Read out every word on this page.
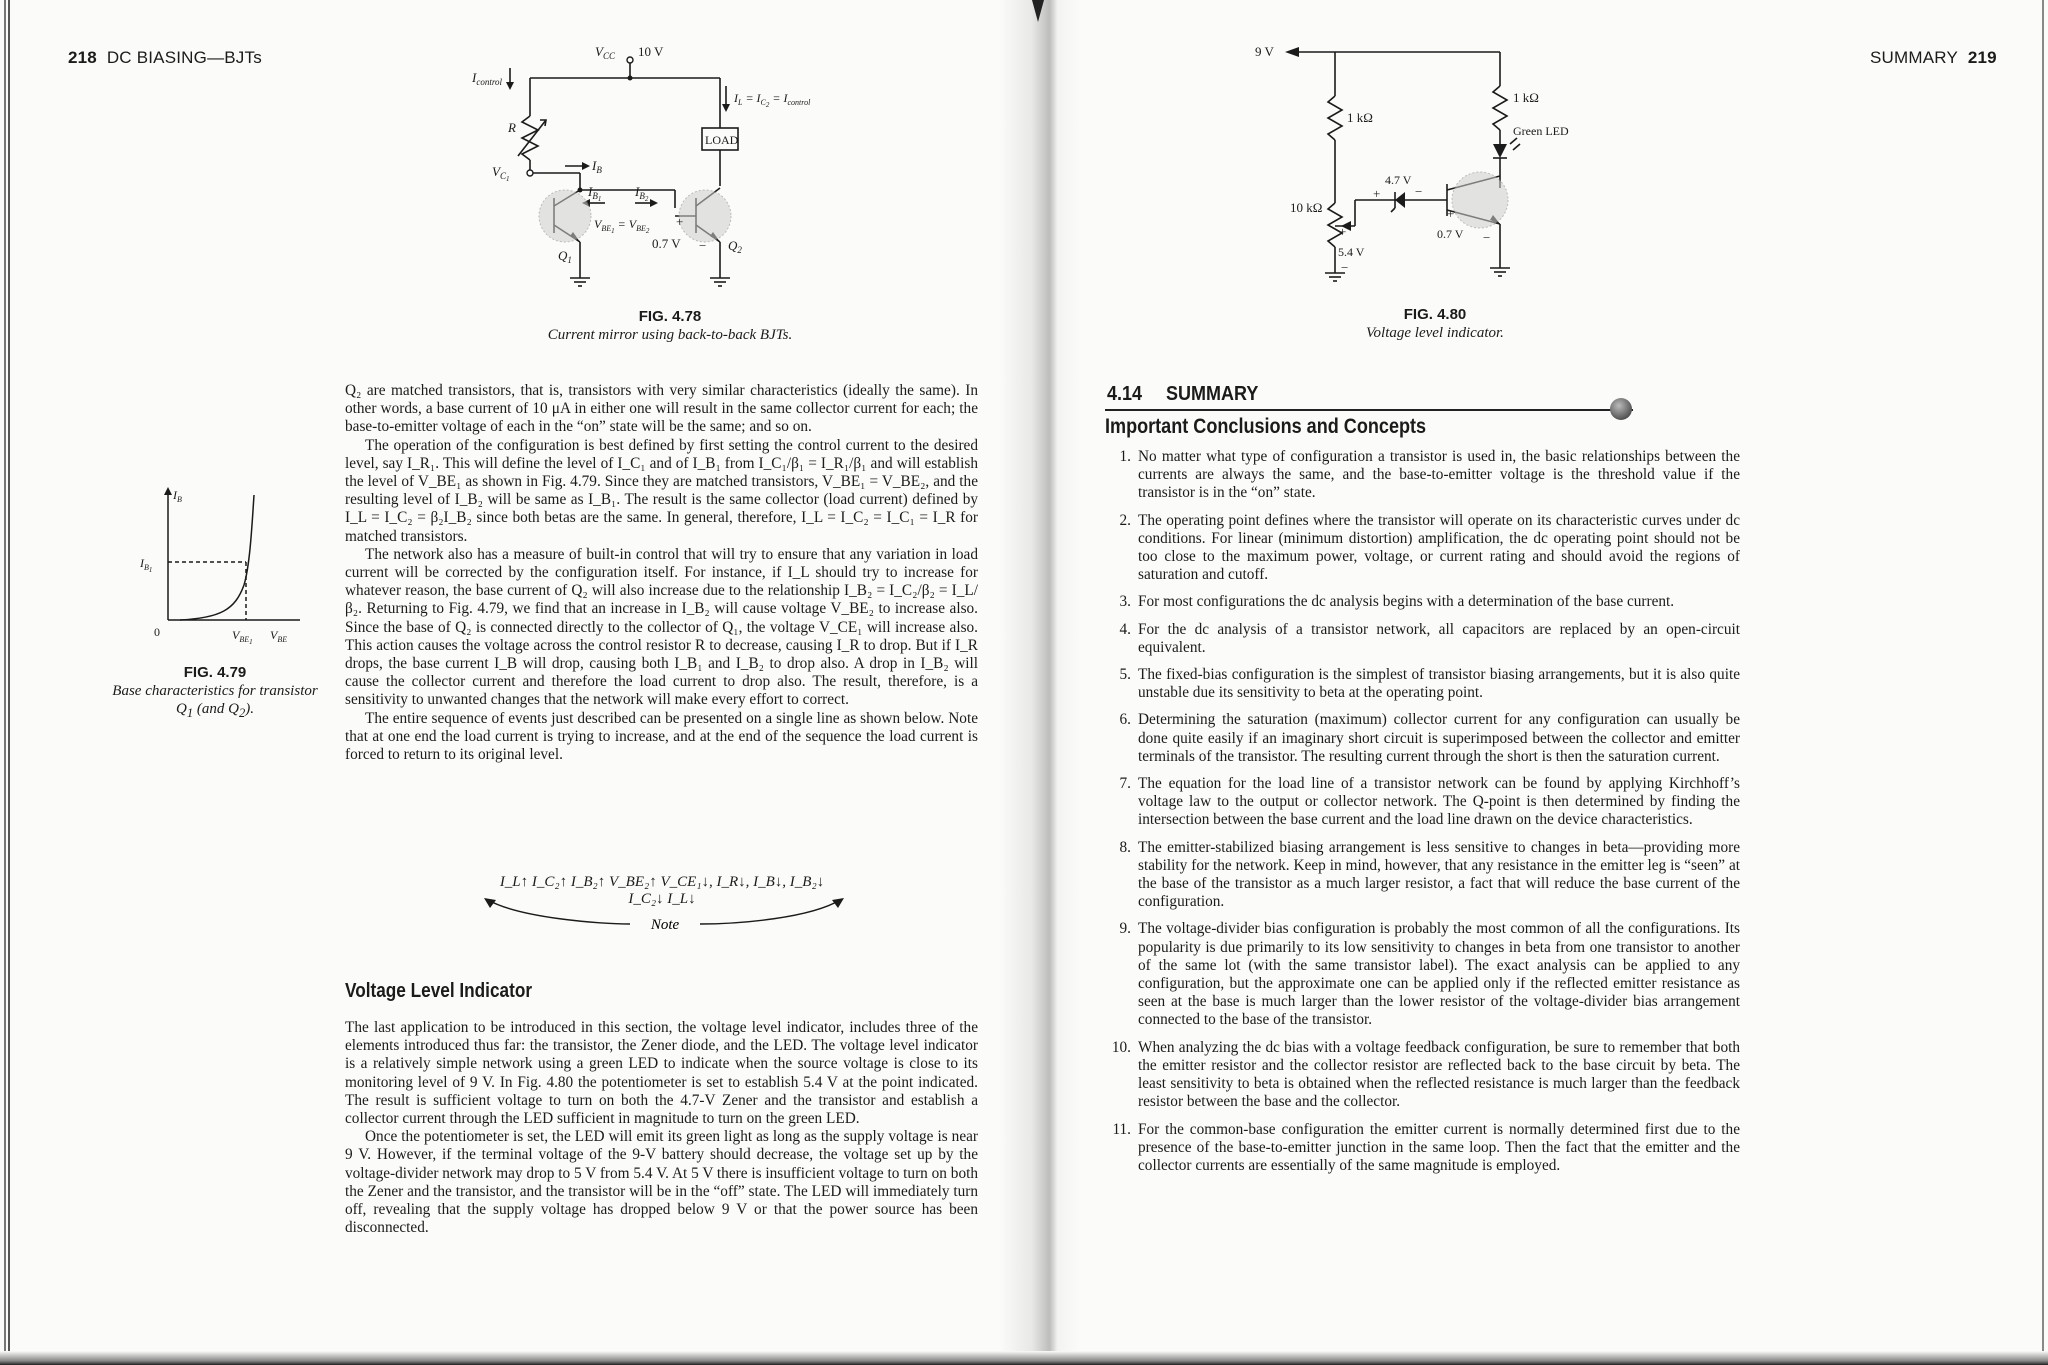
218 DC BIASING—BJTs	$V_{CC}$ 10 V
$I_{control}$
R
$V_C1$
$I_B$
$I_B1$	$I_B2$
$V_{BE}1 = V_{BE}2$
+
0.7 V −
$Q_1$
$Q_2$
LOAD
$I_L = I_C2 = I_{control}$
FIG. 4.78
Current mirror using back-to-back BJTs.
$I_B$
$I_B1$
0	$V_{BE}1$ $V_{BE}$
FIG. 4.79
Base characteristics for transistor
$Q_1$ (and $Q_2$).

Q₂ are matched transistors, that is, transistors with very similar characteristics (ideally the same). In other words, a base current of 10 μA in either one will result in the same collector current for each; the base-to-emitter voltage of each in the “on” state will be the same; and so on.

The operation of the configuration is best defined by first setting the control current to the desired level, say I_R₁. This will define the level of I_C₁ and of I_B₁ from I_C₁/β₁ = I_R₁/β₁ and will establish the level of V_BE₁ as shown in Fig. 4.79. Since they are matched transistors, V_BE₁ = V_BE₂, and the resulting level of I_B₂ will be same as I_B₁. The result is the same collector (load current) defined by I_L = I_C₂ = β₂I_B₂ since both betas are the same. In general, therefore, I_L = I_C₂ = I_C₁ = I_R for matched transistors.

The network also has a measure of built-in control that will try to ensure that any variation in load current will be corrected by the configuration itself. For instance, if I_L should try to increase for whatever reason, the base current of Q₂ will also increase due to the relationship I_B₂ = I_C₂/β₂ = I_L/β₂. Returning to Fig. 4.79, we find that an increase in I_B₂ will cause voltage V_BE₂ to increase also. Since the base of Q₂ is connected directly to the collector of Q₁, the voltage V_CE₁ will increase also. This action causes the voltage across the control resistor R to decrease, causing I_R to drop. But if I_R drops, the base current I_B will drop, causing both I_B₁ and I_B₂ to drop also. A drop in I_B₂ will cause the collector current and therefore the load current to drop also. The result, therefore, is a sensitivity to unwanted changes that the network will make every effort to correct.

The entire sequence of events just described can be presented on a single line as shown below. Note that at one end the load current is trying to increase, and at the end of the sequence the load current is forced to return to its original level.

I_L↑ I_C₂↑ I_B₂↑ V_BE₂↑ V_CE₁↓, I_R↓, I_B↓, I_B₂↓ I_C₂↓ I_L↓
Note
Voltage Level Indicator

The last application to be introduced in this section, the voltage level indicator, includes three of the elements introduced thus far: the transistor, the Zener diode, and the LED. The voltage level indicator is a relatively simple network using a green LED to indicate when the source voltage is close to its monitoring level of 9 V. In Fig. 4.80 the potentiometer is set to establish 5.4 V at the point indicated. The result is sufficient voltage to turn on both the 4.7-V Zener and the transistor and establish a collector current through the LED sufficient in magnitude to turn on the green LED.

Once the potentiometer is set, the LED will emit its green light as long as the supply voltage is near 9 V. However, if the terminal voltage of the 9-V battery should decrease, the voltage set up by the voltage-divider network may drop to 5 V from 5.4 V. At 5 V there is insufficient voltage to turn on both the Zener and the transistor, and the transistor will be in the “off” state. The LED will immediately turn off, revealing that the supply voltage has dropped below 9 V or that the power source has been disconnected.

SUMMARY 219
9 V
1 kΩ
1 kΩ
Green LED
10 kΩ
4.7 V
+	−
+
0.7 V −
+
5.4 V
−
FIG. 4.80
Voltage level indicator.
4.14 SUMMARY
Important Conclusions and Concepts
1. No matter what type of configuration a transistor is used in, the basic relationships between the currents are always the same, and the base-to-emitter voltage is the threshold value if the transistor is in the “on” state.
2. The operating point defines where the transistor will operate on its characteristic curves under dc conditions. For linear (minimum distortion) amplification, the dc operating point should not be too close to the maximum power, voltage, or current rating and should avoid the regions of saturation and cutoff.
3. For most configurations the dc analysis begins with a determination of the base current.
4. For the dc analysis of a transistor network, all capacitors are replaced by an open-circuit equivalent.
5. The fixed-bias configuration is the simplest of transistor biasing arrangements, but it is also quite unstable due its sensitivity to beta at the operating point.
6. Determining the saturation (maximum) collector current for any configuration can usually be done quite easily if an imaginary short circuit is superimposed between the collector and emitter terminals of the transistor. The resulting current through the short is then the saturation current.
7. The equation for the load line of a transistor network can be found by applying Kirchhoff’s voltage law to the output or collector network. The Q-point is then determined by finding the intersection between the base current and the load line drawn on the device characteristics.
8. The emitter-stabilized biasing arrangement is less sensitive to changes in beta—providing more stability for the network. Keep in mind, however, that any resistance in the emitter leg is “seen” at the base of the transistor as a much larger resistor, a fact that will reduce the base current of the configuration.
9. The voltage-divider bias configuration is probably the most common of all the configurations. Its popularity is due primarily to its low sensitivity to changes in beta from one transistor to another of the same lot (with the same transistor label). The exact analysis can be applied to any configuration, but the approximate one can be applied only if the reflected emitter resistance as seen at the base is much larger than the lower resistor of the voltage-divider bias arrangement connected to the base of the transistor.
10. When analyzing the dc bias with a voltage feedback configuration, be sure to remember that both the emitter resistor and the collector resistor are reflected back to the base circuit by beta. The least sensitivity to beta is obtained when the reflected resistance is much larger than the feedback resistor between the base and the collector.
11. For the common-base configuration the emitter current is normally determined first due to the presence of the base-to-emitter junction in the same loop. Then the fact that the emitter and the collector currents are essentially of the same magnitude is employed.
